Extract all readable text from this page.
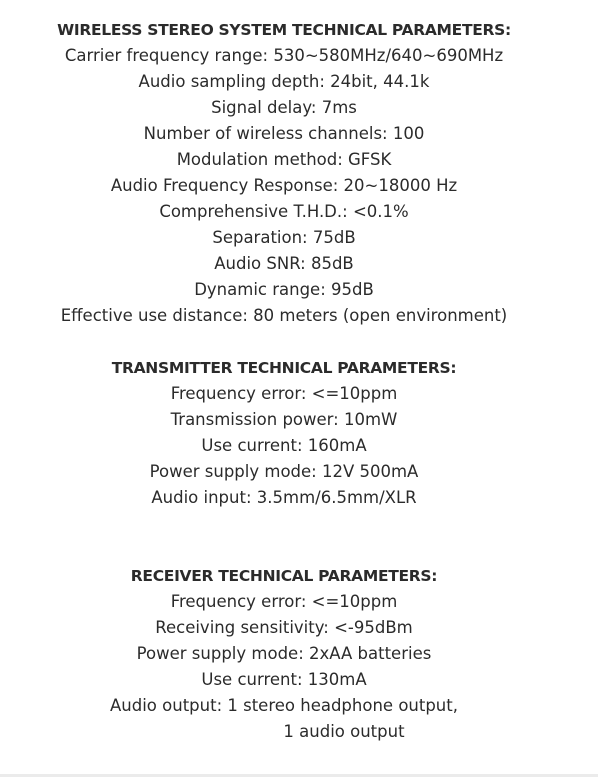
WIRELESS STEREO SYSTEM TECHNICAL PARAMETERS:
Carrier frequency range: 530~580MHz/640~690MHz
Audio sampling depth: 24bit, 44.1k
Signal delay: 7ms
Number of wireless channels: 100
Modulation method: GFSK
Audio Frequency Response: 20~18000 Hz
Comprehensive T.H.D.: <0.1%
Separation: 75dB
Audio SNR: 85dB
Dynamic range: 95dB
Effective use distance: 80 meters (open environment)
TRANSMITTER TECHNICAL PARAMETERS:
Frequency error: <=10ppm
Transmission power: 10mW
Use current: 160mA
Power supply mode: 12V 500mA
Audio input: 3.5mm/6.5mm/XLR
RECEIVER TECHNICAL PARAMETERS:
Frequency error: <=10ppm
Receiving sensitivity: <-95dBm
Power supply mode: 2xAA batteries
Use current: 130mA
Audio output: 1 stereo headphone output,
1 audio output
